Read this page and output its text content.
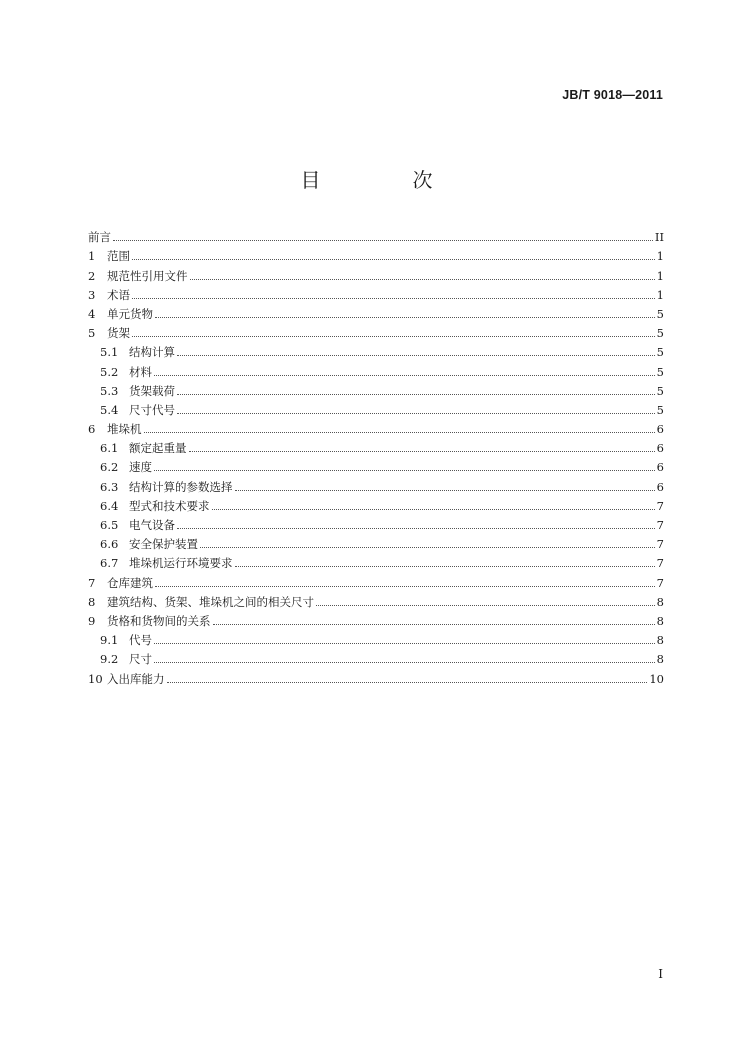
JB/T 9018—2011
目　次
前言	II
1	范围	1
2	规范性引用文件	1
3	术语	1
4	单元货物	5
5	货架	5
5.1 结构计算	5
5.2 材料	5
5.3 货架载荷	5
5.4 尺寸代号	5
6	堆垛机	6
6.1 额定起重量	6
6.2 速度	6
6.3 结构计算的参数选择	6
6.4 型式和技术要求	7
6.5 电气设备	7
6.6 安全保护装置	7
6.7 堆垛机运行环境要求	7
7	仓库建筑	7
8	建筑结构、货架、堆垛机之间的相关尺寸	8
9	货格和货物间的关系	8
9.1 代号	8
9.2 尺寸	8
10 入出库能力	10
I
